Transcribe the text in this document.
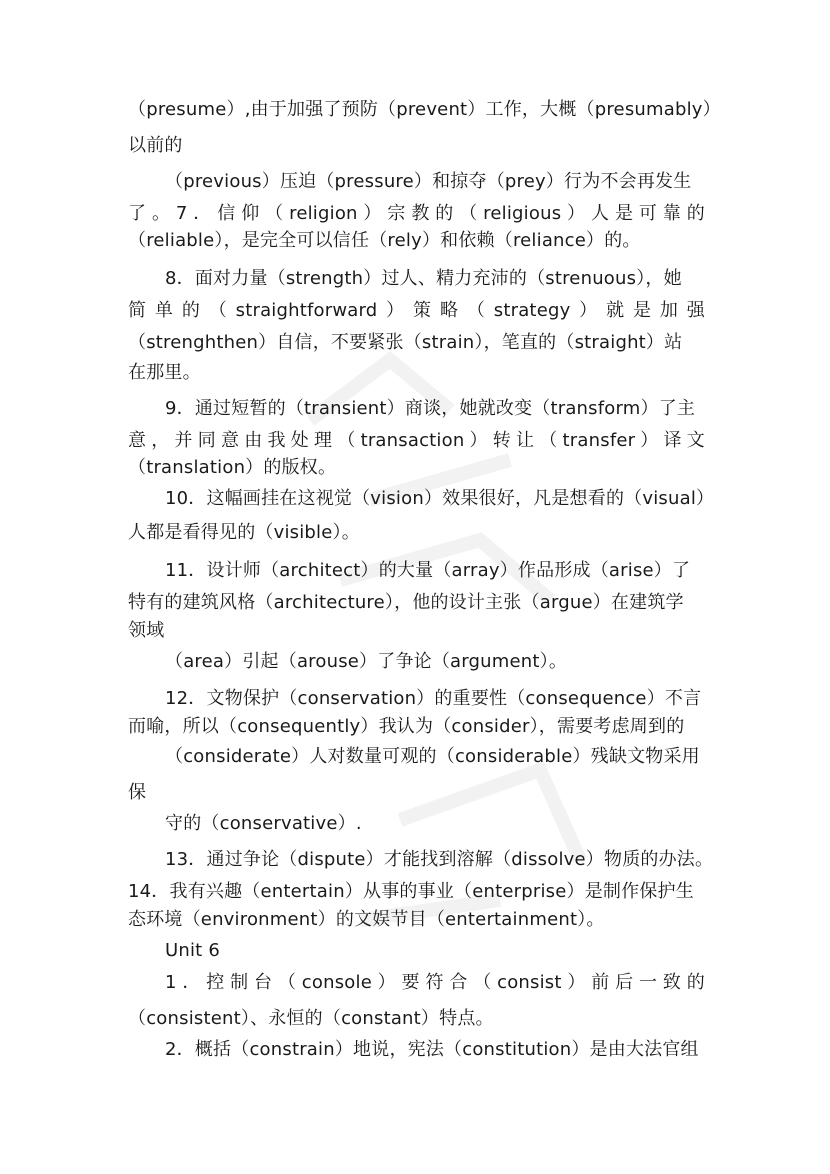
（presume）,由于加强了预防（prevent）工作，大概（presumably）
以前的
（previous）压迫（pressure）和掠夺（prey）行为不会再发生
了。7．信仰（religion）宗教的（religious）人是可靠的
（reliable），是完全可以信任（rely）和依赖（reliance）的。
8．面对力量（strength）过人、精力充沛的（strenuous），她
简单的（straightforward）策略（strategy）就是加强
（strenghthen）自信，不要紧张（strain），笔直的（straight）站
在那里。
9．通过短暂的（transient）商谈，她就改变（transform）了主
意，并同意由我处理（transaction）转让（transfer）译文
（translation）的版权。
10．这幅画挂在这视觉（vision）效果很好，凡是想看的（visual）
人都是看得见的（visible）。
11．设计师（architect）的大量（array）作品形成（arise）了
特有的建筑风格（architecture），他的设计主张（argue）在建筑学
领域
（area）引起（arouse）了争论（argument）。
12．文物保护（conservation）的重要性（consequence）不言
而喻，所以（consequently）我认为（consider），需要考虑周到的
（considerate）人对数量可观的（considerable）残缺文物采用
保
守的（conservative）.
13．通过争论（dispute）才能找到溶解（dissolve）物质的办法。
14．我有兴趣（entertain）从事的事业（enterprise）是制作保护生
态环境（environment）的文娱节目（entertainment）。
Unit 6
1．控制台（console）要符合（consist）前后一致的
（consistent）、永恒的（constant）特点。
2．概括（constrain）地说，宪法（constitution）是由大法官组
